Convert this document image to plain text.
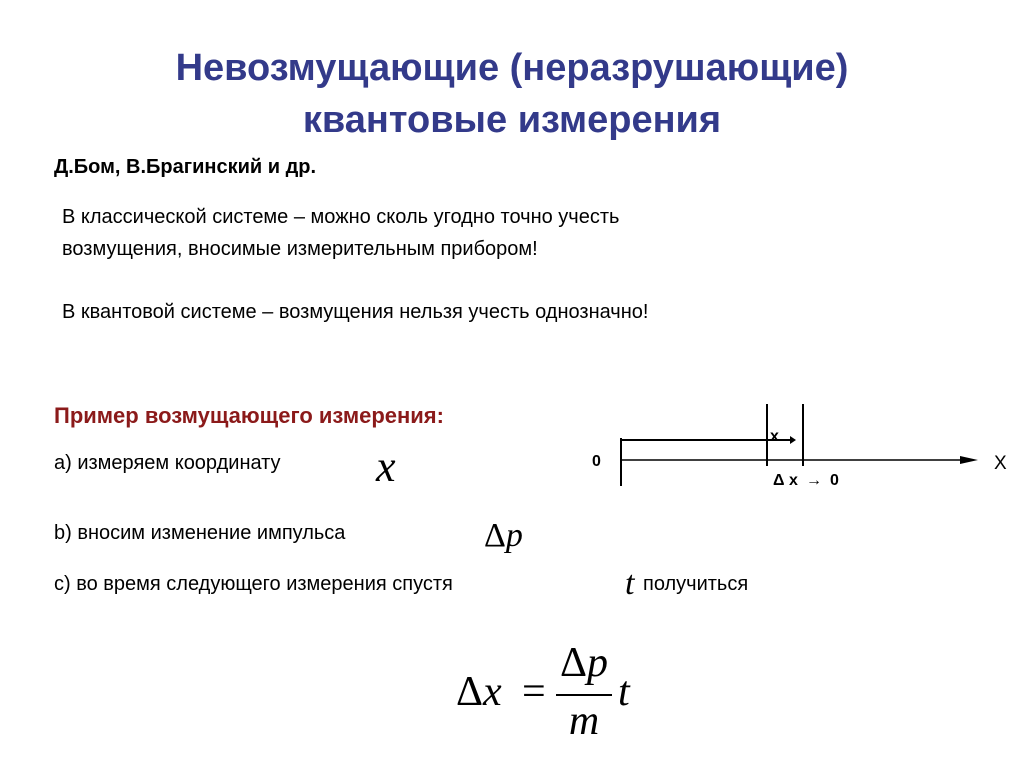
Невозмущающие (неразрушающие)
квантовые измерения
Д.Бом, В.Брагинский и др.
В классической системе – можно сколь угодно точно учесть
возмущения, вносимые измерительным прибором!
В квантовой системе – возмущения нельзя учесть однозначно!
Пример возмущающего измерения:
a) измеряем координату x
b) вносим изменение импульса	Δp
c) во время следующего измерения спустя	t получиться
Δx =
Δp
m
t
0
x
Δ x → 0
X
